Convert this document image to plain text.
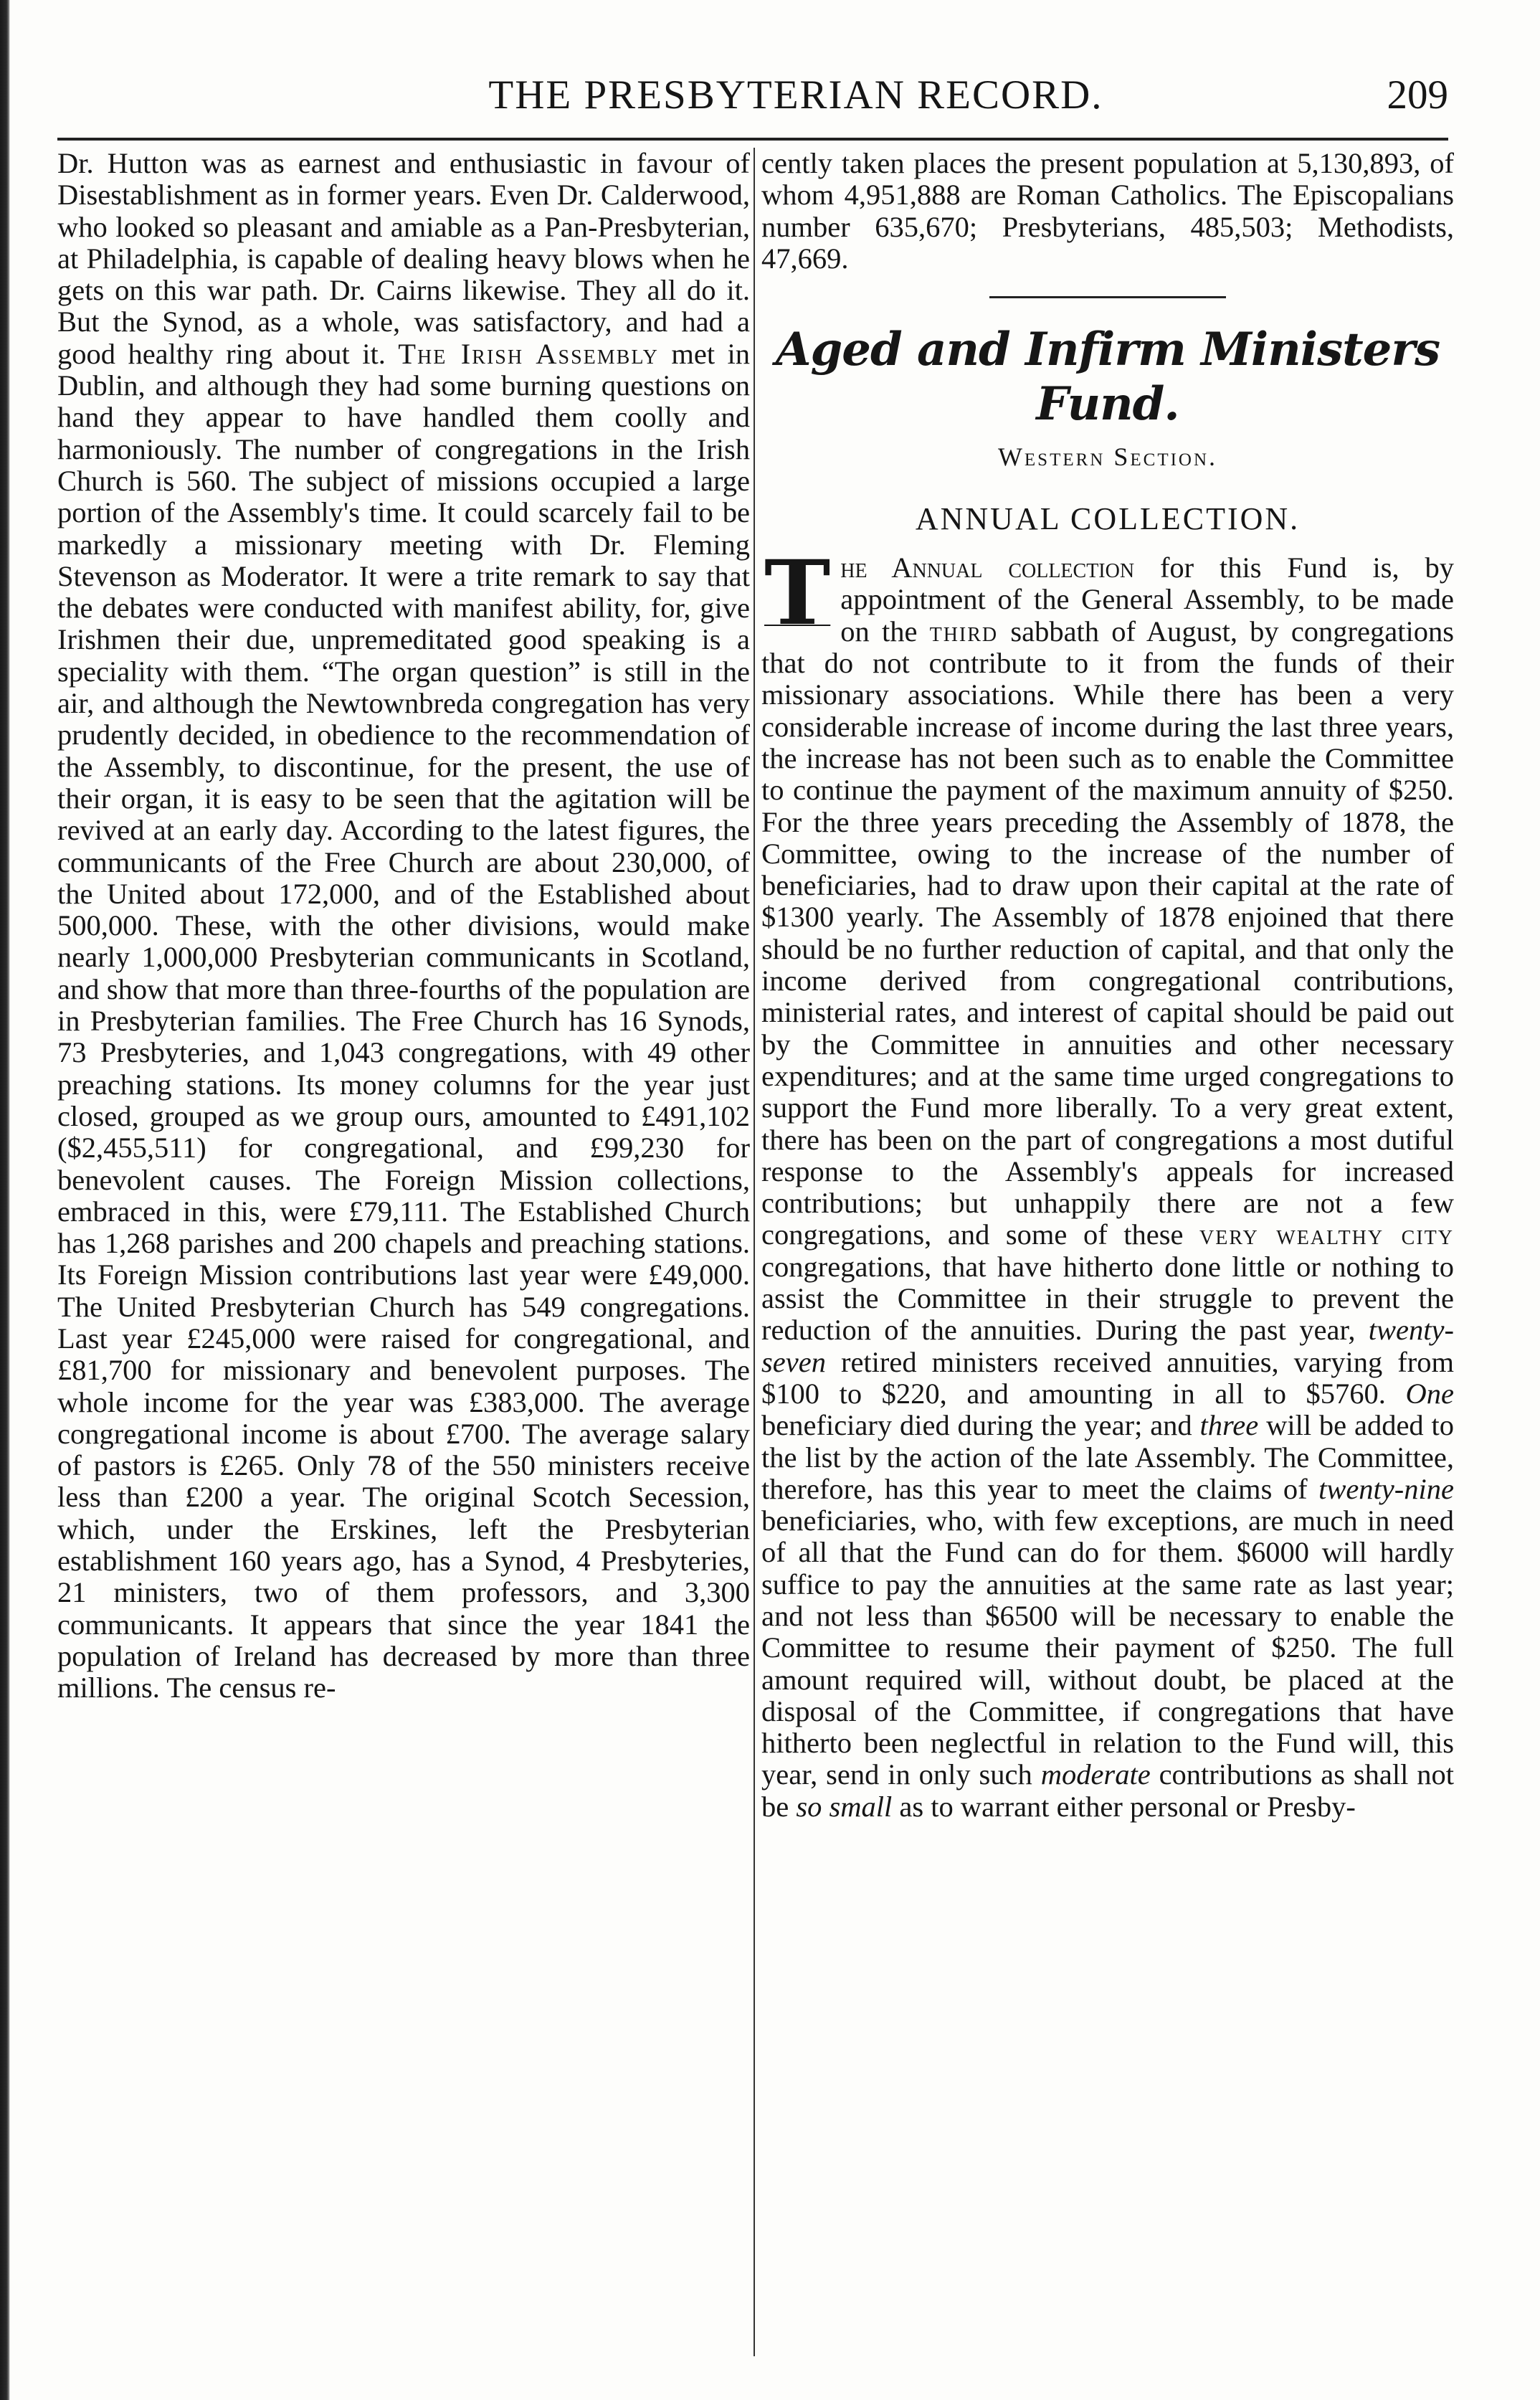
THE PRESBYTERIAN RECORD.	209

Dr. Hutton was as earnest and enthusiastic in favour of Disestablishment as in former years. Even Dr. Calderwood, who looked so pleasant and amiable as a Pan-Presbyterian, at Philadelphia, is capable of dealing heavy blows when he gets on this war path. Dr. Cairns likewise. They all do it. But the Synod, as a whole, was satisfactory, and had a good healthy ring about it. The Irish Assembly met in Dublin, and although they had some burning questions on hand they appear to have handled them coolly and harmoniously. The number of congregations in the Irish Church is 560. The subject of missions occupied a large portion of the Assembly's time. It could scarcely fail to be markedly a missionary meeting with Dr. Fleming Stevenson as Moderator. It were a trite remark to say that the debates were conducted with manifest ability, for, give Irishmen their due, unpremeditated good speaking is a speciality with them. “The organ question” is still in the air, and although the Newtownbreda congregation has very prudently decided, in obedience to the recommendation of the Assembly, to discontinue, for the present, the use of their organ, it is easy to be seen that the agitation will be revived at an early day. According to the latest figures, the communicants of the Free Church are about 230,000, of the United about 172,000, and of the Established about 500,000. These, with the other divisions, would make nearly 1,000,000 Presbyterian communicants in Scotland, and show that more than three-fourths of the population are in Presbyterian families. The Free Church has 16 Synods, 73 Presbyteries, and 1,043 congregations, with 49 other preaching stations. Its money columns for the year just closed, grouped as we group ours, amounted to £491,102 ($2,455,511) for congregational, and £99,230 for benevolent causes. The Foreign Mission collections, embraced in this, were £79,111. The Established Church has 1,268 parishes and 200 chapels and preaching stations. Its Foreign Mission contributions last year were £49,000. The United Presbyterian Church has 549 congregations. Last year £245,000 were raised for congregational, and £81,700 for missionary and benevolent purposes. The whole income for the year was £383,000. The average congregational income is about £700. The average salary of pastors is £265. Only 78 of the 550 ministers receive less than £200 a year. The original Scotch Secession, which, under the Erskines, left the Presbyterian establishment 160 years ago, has a Synod, 4 Presbyteries, 21 ministers, two of them professors, and 3,300 communicants. It appears that since the year 1841 the population of Ireland has decreased by more than three millions. The census re-

cently taken places the present population at 5,130,893, of whom 4,951,888 are Roman Catholics. The Episcopalians number 635,670; Presbyterians, 485,503; Methodists, 47,669.

Aged and Infirm Ministers Fund.
Western Section.
ANNUAL COLLECTION.

The Annual collection for this Fund is, by appointment of the General Assembly, to be made on the third sabbath of August, by congregations that do not contribute to it from the funds of their missionary associations. While there has been a very considerable increase of income during the last three years, the increase has not been such as to enable the Committee to continue the payment of the maximum annuity of $250. For the three years preceding the Assembly of 1878, the Committee, owing to the increase of the number of beneficiaries, had to draw upon their capital at the rate of $1300 yearly. The Assembly of 1878 enjoined that there should be no further reduction of capital, and that only the income derived from congregational contributions, ministerial rates, and interest of capital should be paid out by the Committee in annuities and other necessary expenditures; and at the same time urged congregations to support the Fund more liberally. To a very great extent, there has been on the part of congregations a most dutiful response to the Assembly's appeals for increased contributions; but unhappily there are not a few congregations, and some of these very wealthy city congregations, that have hitherto done little or nothing to assist the Committee in their struggle to prevent the reduction of the annuities. During the past year, twenty-seven retired ministers received annuities, varying from $100 to $220, and amounting in all to $5760. One beneficiary died during the year; and three will be added to the list by the action of the late Assembly. The Committee, therefore, has this year to meet the claims of twenty-nine beneficiaries, who, with few exceptions, are much in need of all that the Fund can do for them. $6000 will hardly suffice to pay the annuities at the same rate as last year; and not less than $6500 will be necessary to enable the Committee to resume their payment of $250. The full amount required will, without doubt, be placed at the disposal of the Committee, if congregations that have hitherto been neglectful in relation to the Fund will, this year, send in only such moderate contributions as shall not be so small as to warrant either personal or Presby-
